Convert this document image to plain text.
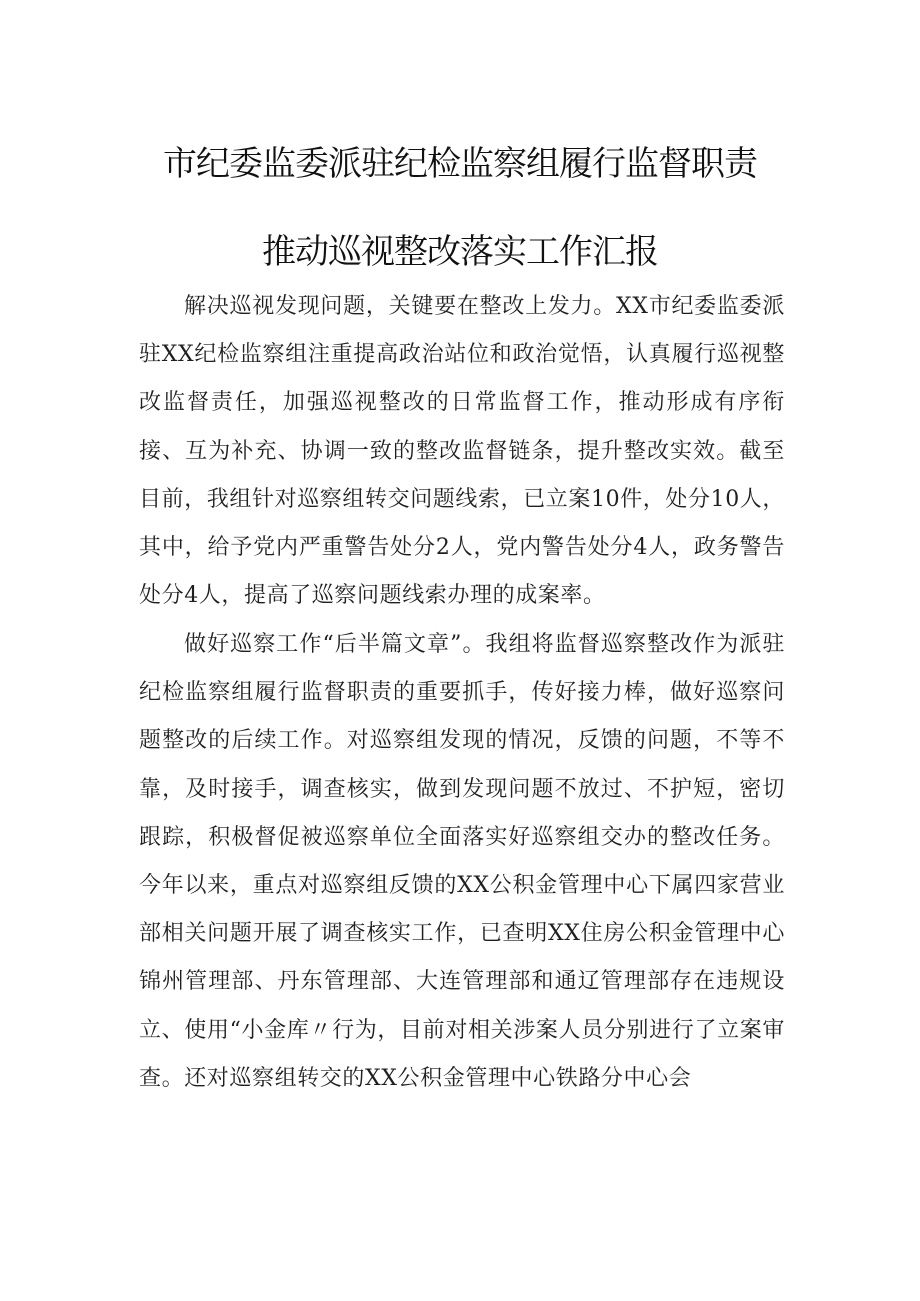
市纪委监委派驻纪检监察组履行监督职责
推动巡视整改落实工作汇报

解决巡视发现问题，关键要在整改上发力。XX市纪委监委派驻XX纪检监察组注重提高政治站位和政治觉悟，认真履行巡视整改监督责任，加强巡视整改的日常监督工作，推动形成有序衔接、互为补充、协调一致的整改监督链条，提升整改实效。截至目前，我组针对巡察组转交问题线索，已立案10件，处分10人，其中，给予党内严重警告处分2人，党内警告处分4人，政务警告处分4人，提高了巡察问题线索办理的成案率。

做好巡察工作“后半篇文章”。我组将监督巡察整改作为派驻纪检监察组履行监督职责的重要抓手，传好接力棒，做好巡察问题整改的后续工作。对巡察组发现的情况，反馈的问题，不等不靠，及时接手，调查核实，做到发现问题不放过、不护短，密切跟踪，积极督促被巡察单位全面落实好巡察组交办的整改任务。今年以来，重点对巡察组反馈的XX公积金管理中心下属四家营业部相关问题开展了调查核实工作，已查明XX住房公积金管理中心锦州管理部、丹东管理部、大连管理部和通辽管理部存在违规设立、使用“小金库〃行为，目前对相关涉案人员分别进行了立案审查。还对巡察组转交的XX公积金管理中心铁路分中心会
